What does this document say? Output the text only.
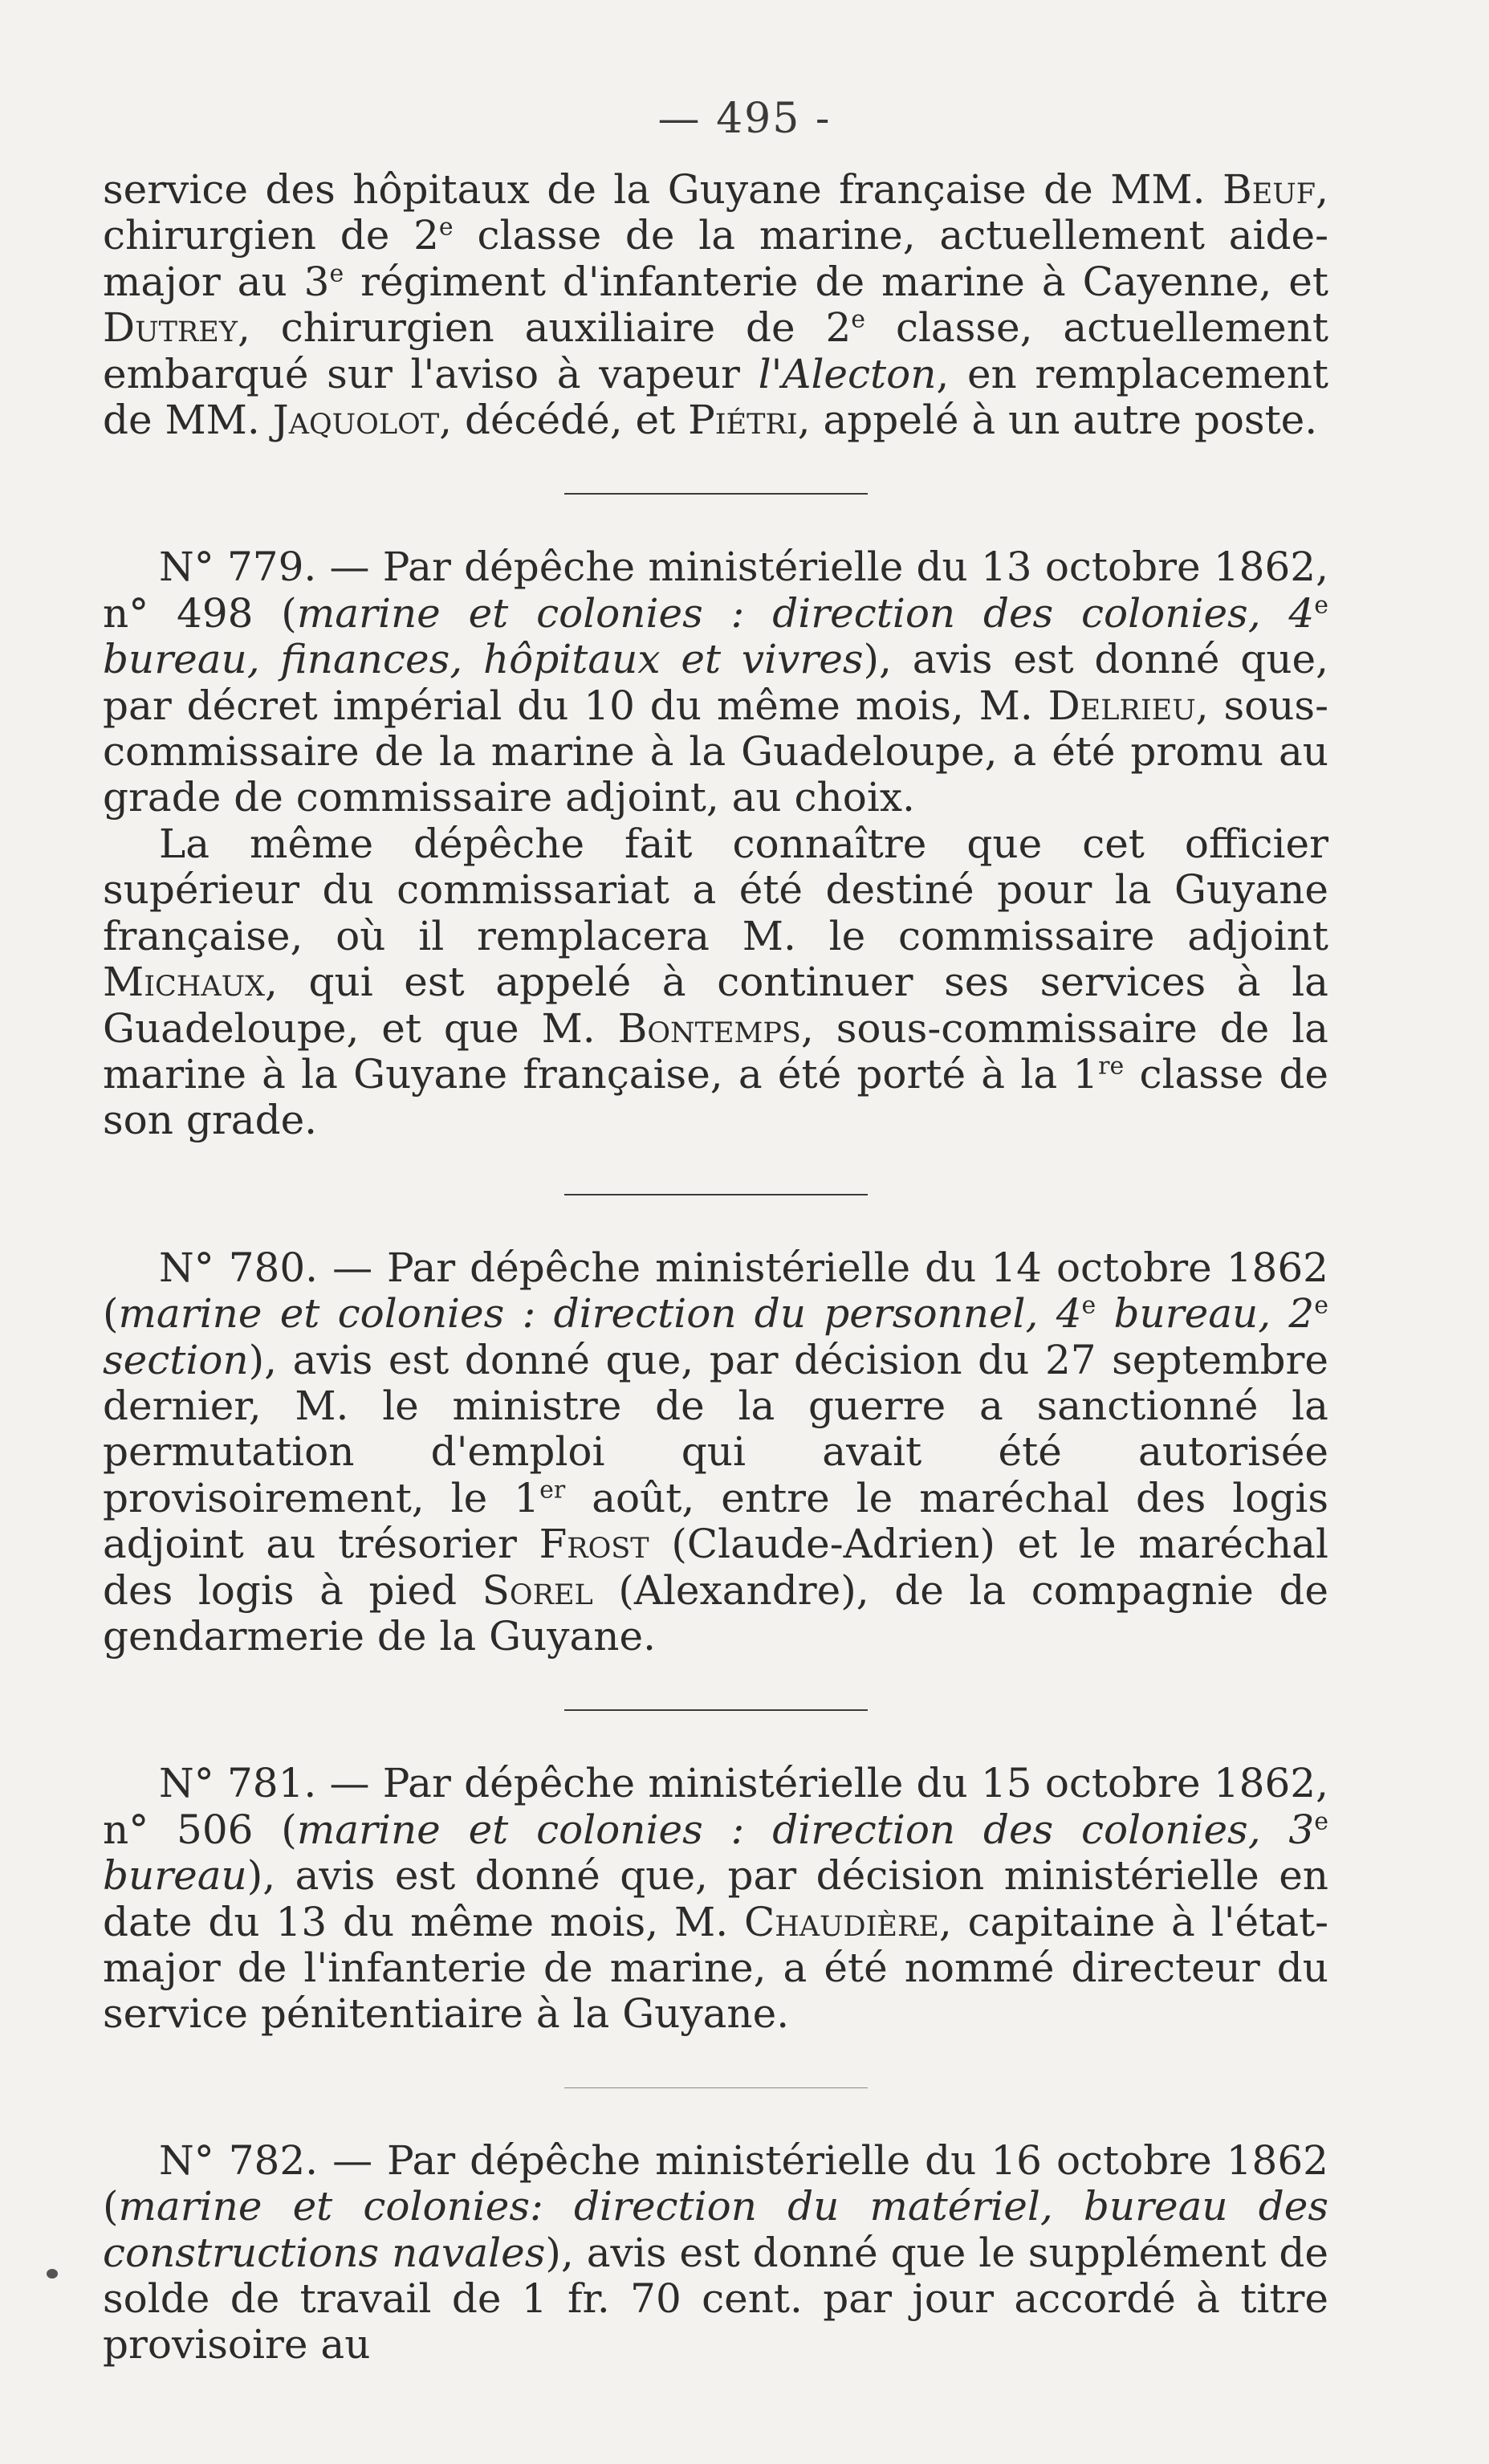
— 495 -

service des hôpitaux de la Guyane française de MM. Beuf, chirurgien de 2e classe de la marine, actuellement aide-major au 3e régiment d'infanterie de marine à Cayenne, et Dutrey, chirurgien auxiliaire de 2e classe, actuellement embarqué sur l'aviso à vapeur l'Alecton, en remplacement de MM. Jaquolot, décédé, et Piétri, appelé à un autre poste.

N° 779. — Par dépêche ministérielle du 13 octobre 1862, n° 498 (marine et colonies : direction des colonies, 4e bureau, finances, hôpitaux et vivres), avis est donné que, par décret impérial du 10 du même mois, M. Delrieu, sous-commissaire de la marine à la Guadeloupe, a été promu au grade de commissaire adjoint, au choix.

La même dépêche fait connaître que cet officier supérieur du commissariat a été destiné pour la Guyane française, où il remplacera M. le commissaire adjoint Michaux, qui est appelé à continuer ses services à la Guadeloupe, et que M. Bontemps, sous-commissaire de la marine à la Guyane française, a été porté à la 1re classe de son grade.

N° 780. — Par dépêche ministérielle du 14 octobre 1862 (marine et colonies : direction du personnel, 4e bureau, 2e section), avis est donné que, par décision du 27 septembre dernier, M. le ministre de la guerre a sanctionné la permutation d'emploi qui avait été autorisée provisoirement, le 1er août, entre le maréchal des logis adjoint au trésorier Frost (Claude-Adrien) et le maréchal des logis à pied Sorel (Alexandre), de la compagnie de gendarmerie de la Guyane.

N° 781. — Par dépêche ministérielle du 15 octobre 1862, n° 506 (marine et colonies : direction des colonies, 3e bureau), avis est donné que, par décision ministérielle en date du 13 du même mois, M. Chaudière, capitaine à l'état-major de l'infanterie de marine, a été nommé directeur du service pénitentiaire à la Guyane.

N° 782. — Par dépêche ministérielle du 16 octobre 1862 (marine et colonies: direction du matériel, bureau des constructions navales), avis est donné que le supplément de solde de travail de 1 fr. 70 cent. par jour accordé à titre provisoire au
